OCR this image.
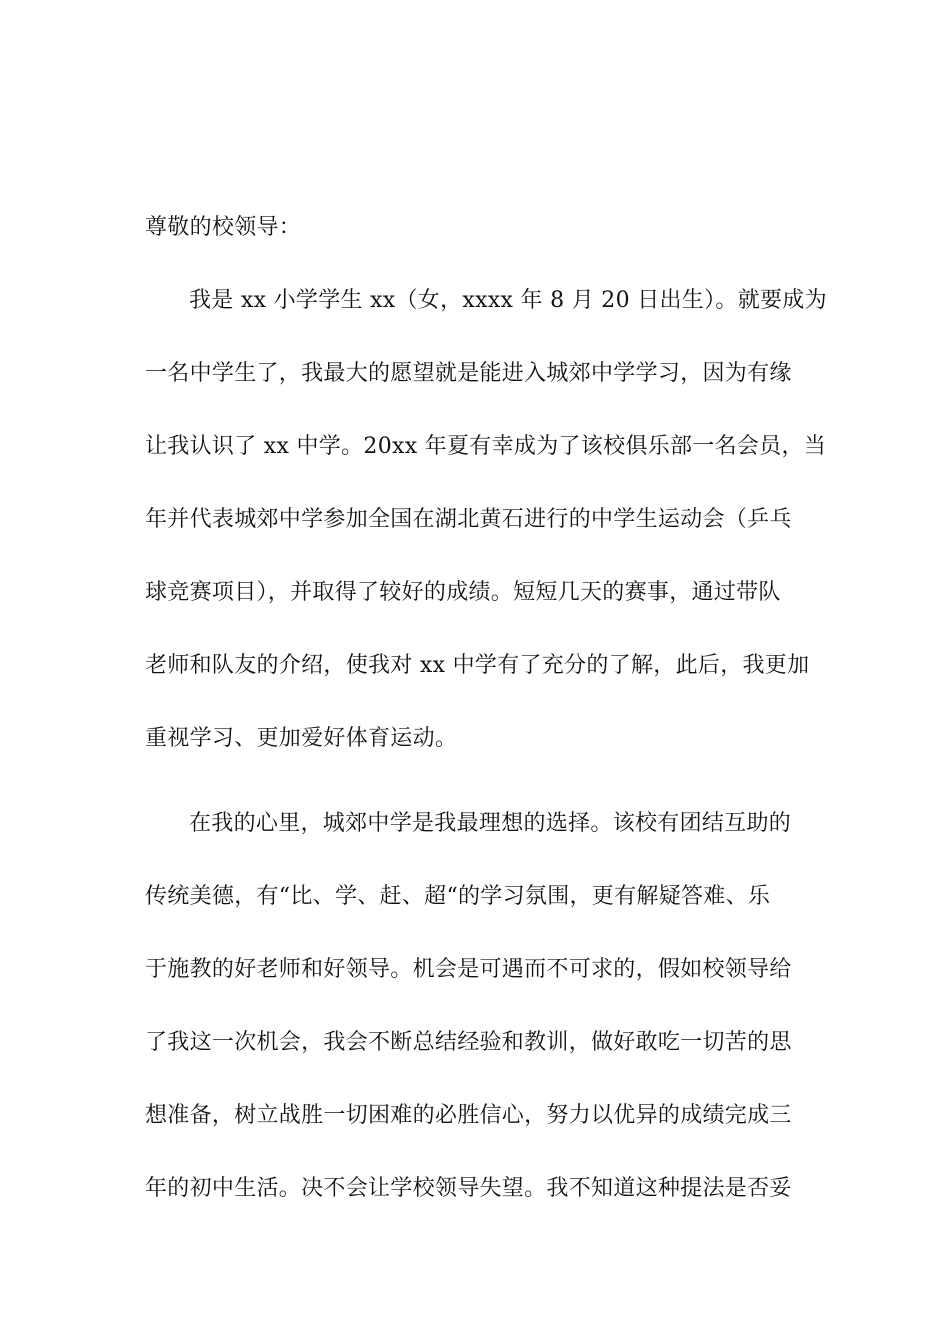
尊敬的校领导：
我是 xx 小学学生 xx（女，xxxx 年 8 月 20 日出生）。就要成为
一名中学生了，我最大的愿望就是能进入城郊中学学习，因为有缘
让我认识了 xx 中学。20xx 年夏有幸成为了该校俱乐部一名会员，当
年并代表城郊中学参加全国在湖北黄石进行的中学生运动会（乒乓
球竞赛项目），并取得了较好的成绩。短短几天的赛事，通过带队
老师和队友的介绍，使我对 xx 中学有了充分的了解，此后，我更加
重视学习、更加爱好体育运动。
在我的心里，城郊中学是我最理想的选择。该校有团结互助的
传统美德，有“比、学、赶、超“的学习氛围，更有解疑答难、乐
于施教的好老师和好领导。机会是可遇而不可求的，假如校领导给
了我这一次机会，我会不断总结经验和教训，做好敢吃一切苦的思
想准备，树立战胜一切困难的必胜信心，努力以优异的成绩完成三
年的初中生活。决不会让学校领导失望。我不知道这种提法是否妥
